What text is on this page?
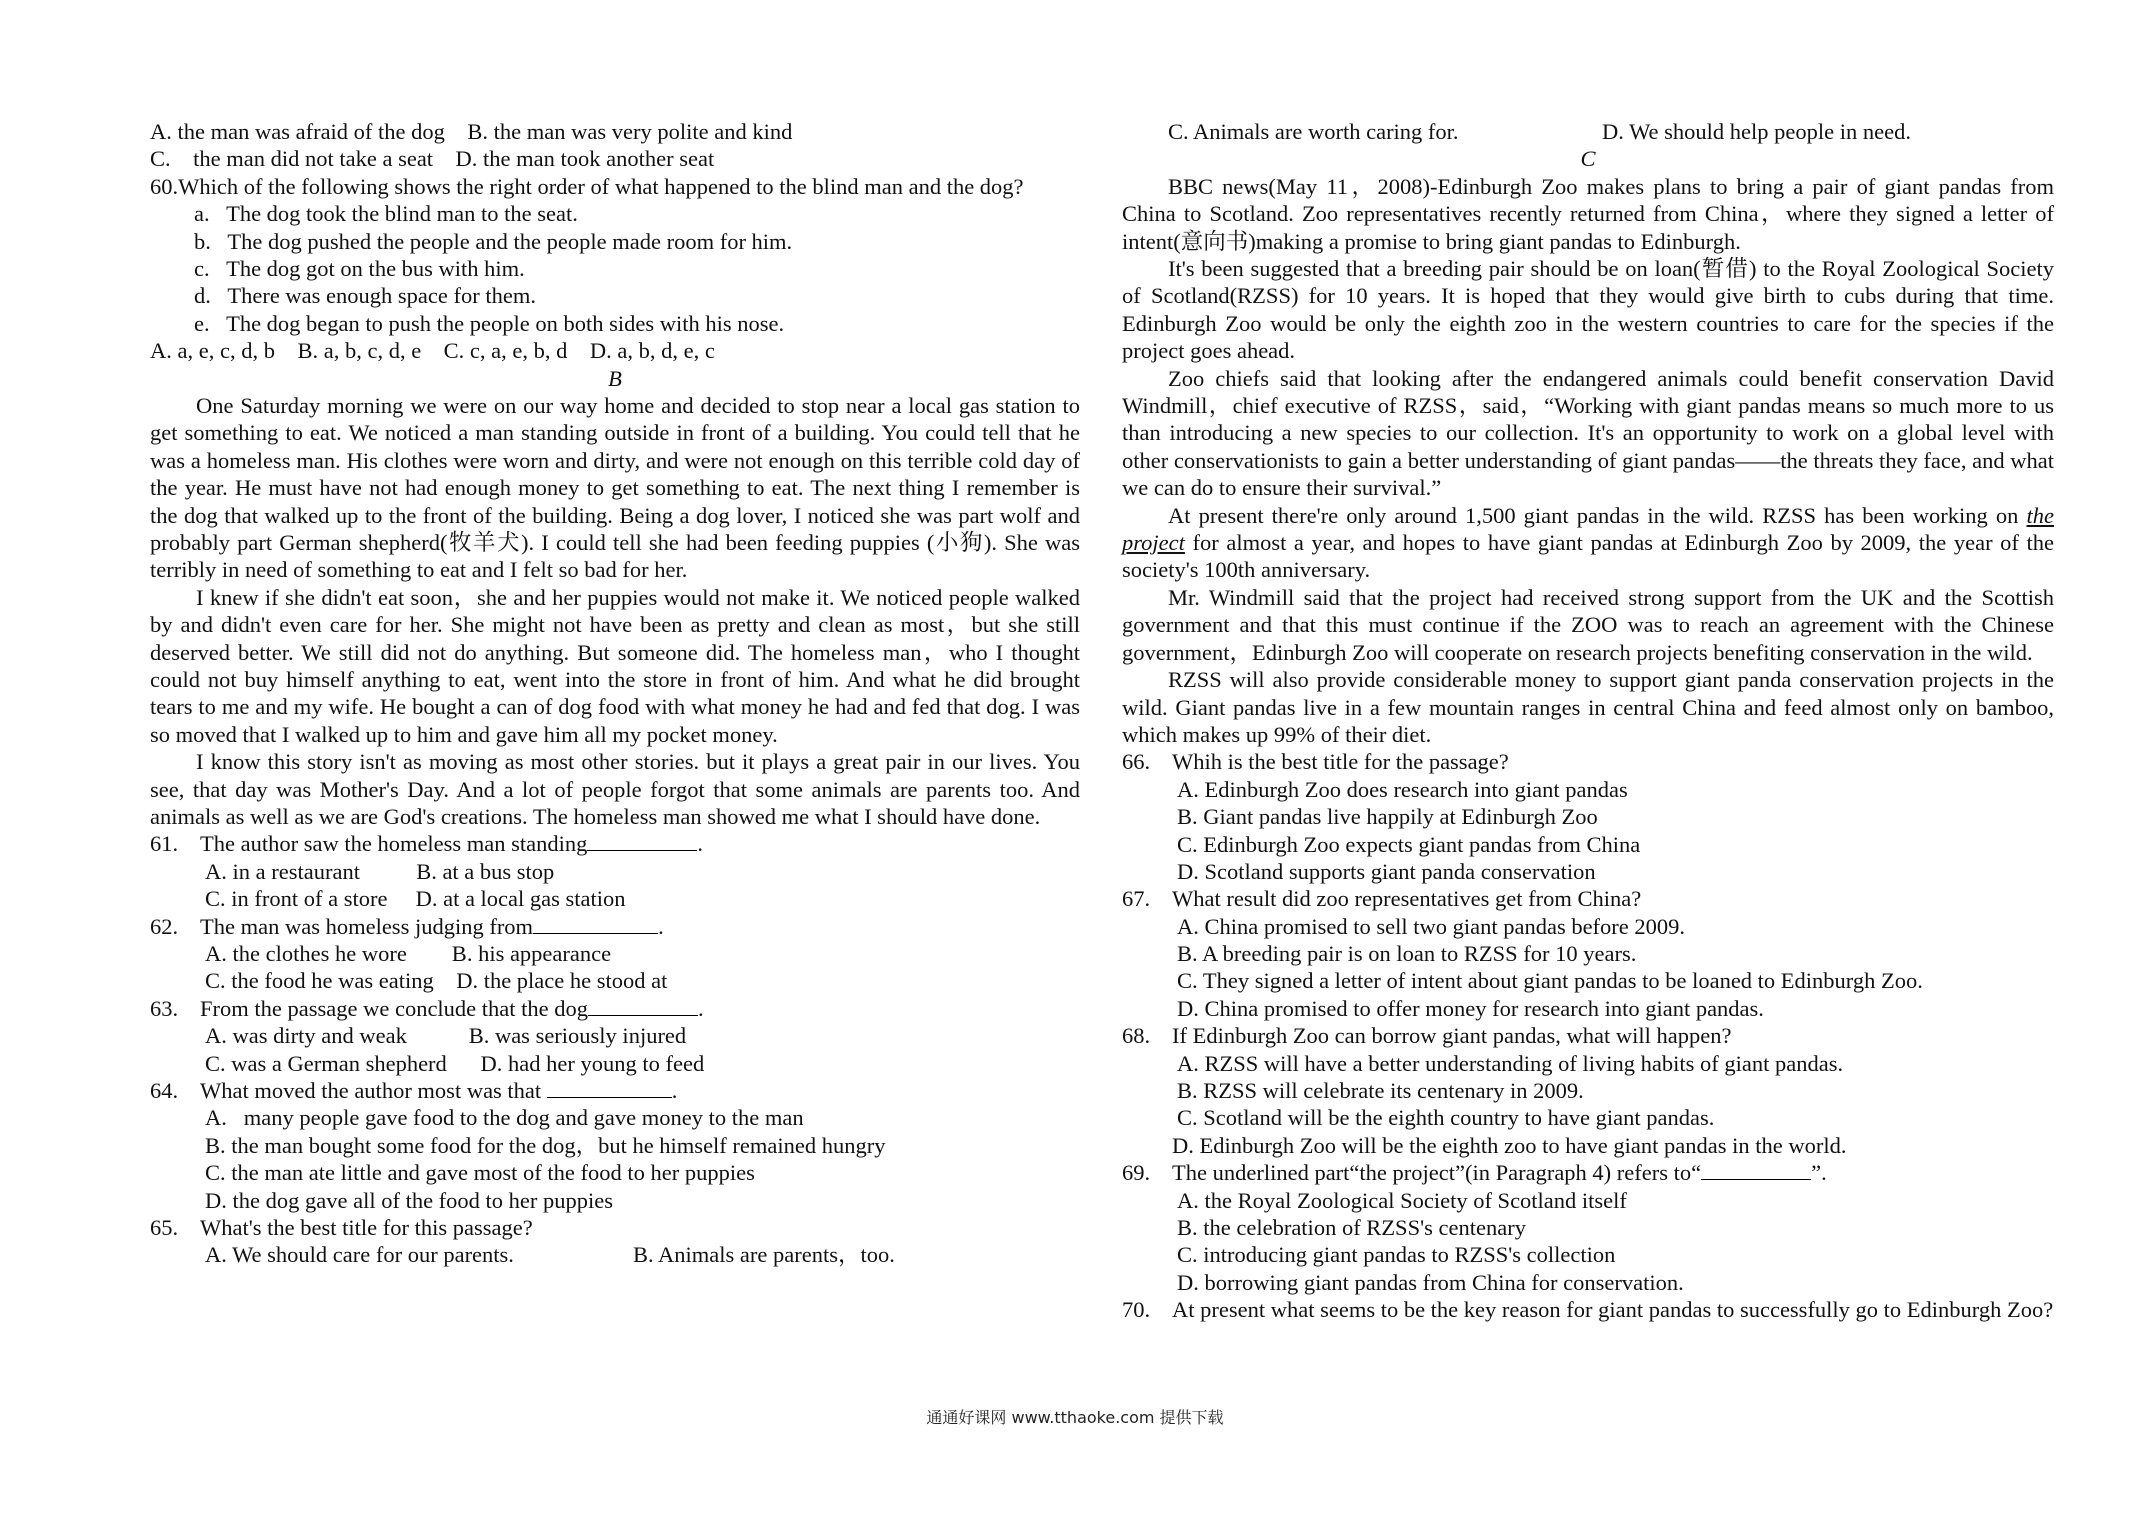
A. the man was afraid of the dog    B. the man was very polite and kind
C.    the man did not take a seat    D. the man took another seat
60.Which of the following shows the right order of what happened to the blind man and the dog?
a.   The dog took the blind man to the seat.
b.   The dog pushed the people and the people made room for him.
c.   The dog got on the bus with him.
d.   There was enough space for them.
e.   The dog began to push the people on both sides with his nose.
A. a, e, c, d, b    B. a, b, c, d, e    C. c, a, e, b, d    D. a, b, d, e, c
B
One Saturday morning we were on our way home and decided to stop near a local gas station to get something to eat. We noticed a man standing outside in front of a building. You could tell that he was a homeless man. His clothes were worn and dirty, and were not enough on this terrible cold day of the year. He must have not had enough money to get something to eat. The next thing I remember is the dog that walked up to the front of the building. Being a dog lover, I noticed she was part wolf and probably part German shepherd(牧羊犬). I could tell she had been feeding puppies (小狗). She was terribly in need of something to eat and I felt so bad for her.
I knew if she didn't eat soon，she and her puppies would not make it. We noticed people walked by and didn't even care for her. She might not have been as pretty and clean as most，but she still deserved better. We still did not do anything. But someone did. The homeless man，who I thought could not buy himself anything to eat, went into the store in front of him. And what he did brought tears to me and my wife. He bought a can of dog food with what money he had and fed that dog. I was so moved that I walked up to him and gave him all my pocket money.
I know this story isn't as moving as most other stories. but it plays a great pair in our lives. You see, that day was Mother's Day. And a lot of people forgot that some animals are parents too. And animals as well as we are God's creations. The homeless man showed me what I should have done.
61. The author saw the homeless man standing	.
A. in a restaurant          B. at a bus stop
C. in front of a store     D. at a local gas station
62. The man was homeless judging from	.
A. the clothes he wore        B. his appearance
C. the food he was eating    D. the place he stood at
63. From the passage we conclude that the dog	.
A. was dirty and weak           B. was seriously injured
C. was a German shepherd      D. had her young to feed
64. What moved the author most was that	.
A.   many people gave food to the dog and gave money to the man
B. the man bought some food for the dog，but he himself remained hungry
C. the man ate little and gave most of the food to her puppies
D. the dog gave all of the food to her puppies
65. What's the best title for this passage?
A. We should care for our parents.	B. Animals are parents，too.
C. Animals are worth caring for.	D. We should help people in need.
C
BBC news(May 11，2008)-Edinburgh Zoo makes plans to bring a pair of giant pandas from China to Scotland. Zoo representatives recently returned from China，where they signed a letter of intent(意向书)making a promise to bring giant pandas to Edinburgh.
It's been suggested that a breeding pair should be on loan(暂借) to the Royal Zoological Society of Scotland(RZSS) for 10 years. It is hoped that they would give birth to cubs during that time. Edinburgh Zoo would be only the eighth zoo in the western countries to care for the species if the project goes ahead.
Zoo chiefs said that looking after the endangered animals could benefit conservation David Windmill，chief executive of RZSS，said，“Working with giant pandas means so much more to us than introducing a new species to our collection. It's an opportunity to work on a global level with other conservationists to gain a better understanding of giant pandas——the threats they face, and what we can do to ensure their survival.”
At present there're only around 1,500 giant pandas in the wild. RZSS has been working on the project for almost a year, and hopes to have giant pandas at Edinburgh Zoo by 2009, the year of the society's 100th anniversary.
Mr. Windmill said that the project had received strong support from the UK and the Scottish government and that this must continue if the ZOO was to reach an agreement with the Chinese government，Edinburgh Zoo will cooperate on research projects benefiting conservation in the wild.
RZSS will also provide considerable money to support giant panda conservation projects in the wild. Giant pandas live in a few mountain ranges in central China and feed almost only on bamboo, which makes up 99% of their diet.
66. Whih is the best title for the passage?
A. Edinburgh Zoo does research into giant pandas
B. Giant pandas live happily at Edinburgh Zoo
C. Edinburgh Zoo expects giant pandas from China
D. Scotland supports giant panda conservation
67. What result did zoo representatives get from China?
A. China promised to sell two giant pandas before 2009.
B. A breeding pair is on loan to RZSS for 10 years.
C. They signed a letter of intent about giant pandas to be loaned to Edinburgh Zoo.
D. China promised to offer money for research into giant pandas.
68. If Edinburgh Zoo can borrow giant pandas, what will happen?
A. RZSS will have a better understanding of living habits of giant pandas.
B. RZSS will celebrate its centenary in 2009.
C. Scotland will be the eighth country to have giant pandas.
D. Edinburgh Zoo will be the eighth zoo to have giant pandas in the world.
69. The underlined part“the project”(in Paragraph 4) refers to“	”.
A. the Royal Zoological Society of Scotland itself
B. the celebration of RZSS's centenary
C. introducing giant pandas to RZSS's collection
D. borrowing giant pandas from China for conservation.
70. At present what seems to be the key reason for giant pandas to successfully go to Edinburgh Zoo?
通通好课网 www.tthaoke.com 提供下载
